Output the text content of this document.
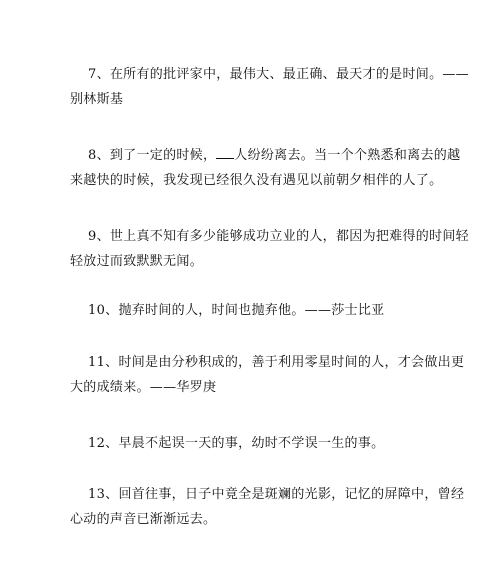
7、在所有的批评家中，最伟大、最正确、最天才的是时间。——
别林斯基

8、到了一定的时候， 人纷纷离去。当一个个熟悉和离去的越
来越快的时候，我发现已经很久没有遇见以前朝夕相伴的人了。

9、世上真不知有多少能够成功立业的人，都因为把难得的时间轻
轻放过而致默默无闻。

10、抛弃时间的人，时间也抛弃他。——莎士比亚

11、时间是由分秒积成的，善于利用零星时间的人，才会做出更
大的成绩来。——华罗庚

12、早晨不起误一天的事，幼时不学误一生的事。

13、回首往事，日子中竟全是斑斓的光影，记忆的屏障中，曾经
心动的声音已渐渐远去。
